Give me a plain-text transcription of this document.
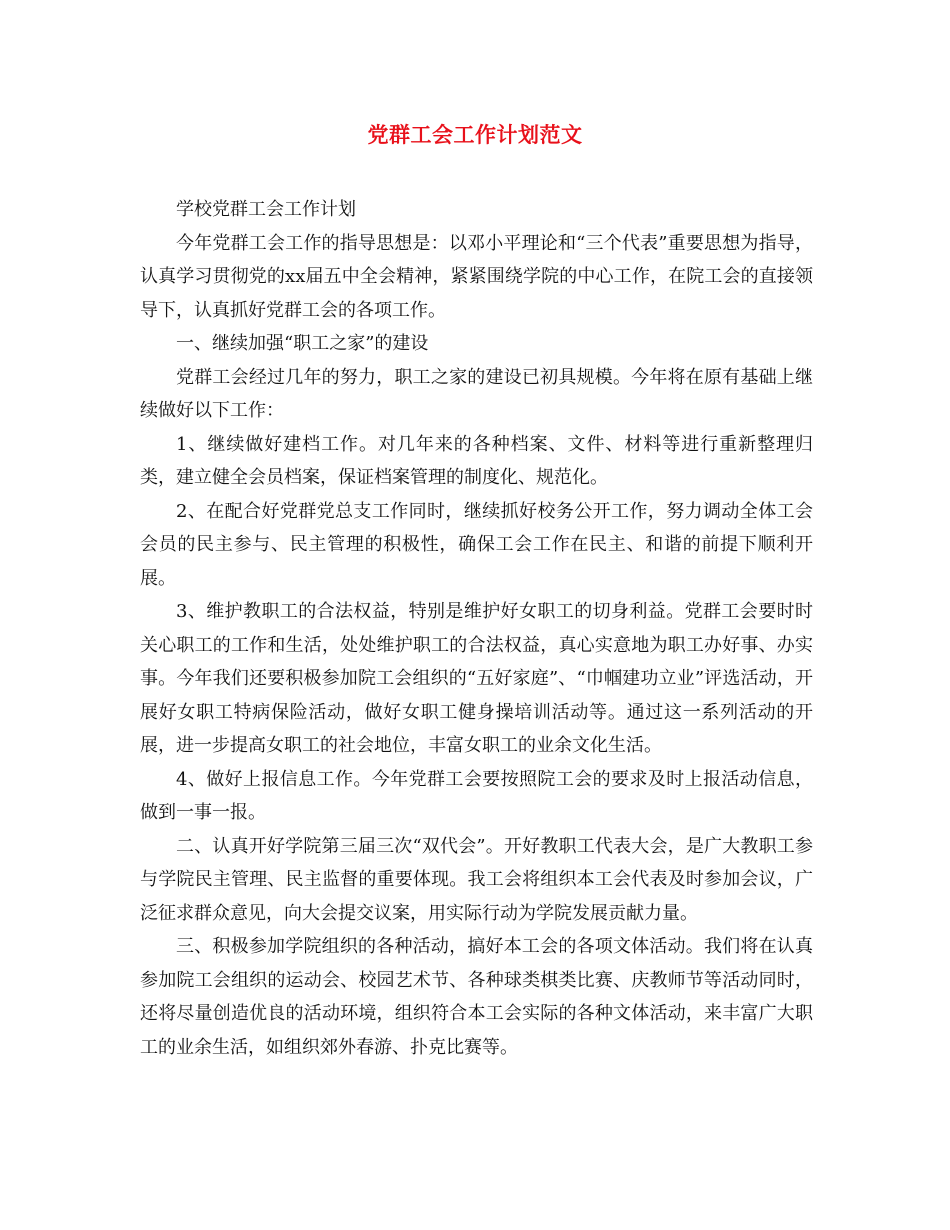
党群工会工作计划范文

学校党群工会工作计划

今年党群工会工作的指导思想是：以邓小平理论和“三个代表”重要思想为指导，认真学习贯彻党的xx届五中全会精神，紧紧围绕学院的中心工作，在院工会的直接领导下，认真抓好党群工会的各项工作。

一、继续加强“职工之家”的建设

党群工会经过几年的努力，职工之家的建设已初具规模。今年将在原有基础上继续做好以下工作：

1、继续做好建档工作。对几年来的各种档案、文件、材料等进行重新整理归类，建立健全会员档案，保证档案管理的制度化、规范化。

2、在配合好党群党总支工作同时，继续抓好校务公开工作，努力调动全体工会会员的民主参与、民主管理的积极性，确保工会工作在民主、和谐的前提下顺利开展。

3、维护教职工的合法权益，特别是维护好女职工的切身利益。党群工会要时时关心职工的工作和生活，处处维护职工的合法权益，真心实意地为职工办好事、办实事。今年我们还要积极参加院工会组织的“五好家庭”、“巾帼建功立业”评选活动，开展好女职工特病保险活动，做好女职工健身操培训活动等。通过这一系列活动的开展，进一步提高女职工的社会地位，丰富女职工的业余文化生活。

4、做好上报信息工作。今年党群工会要按照院工会的要求及时上报活动信息，做到一事一报。

二、认真开好学院第三届三次“双代会”。开好教职工代表大会，是广大教职工参与学院民主管理、民主监督的重要体现。我工会将组织本工会代表及时参加会议，广泛征求群众意见，向大会提交议案，用实际行动为学院发展贡献力量。

三、积极参加学院组织的各种活动，搞好本工会的各项文体活动。我们将在认真参加院工会组织的运动会、校园艺术节、各种球类棋类比赛、庆教师节等活动同时，还将尽量创造优良的活动环境，组织符合本工会实际的各种文体活动，来丰富广大职工的业余生活，如组织郊外春游、扑克比赛等。
